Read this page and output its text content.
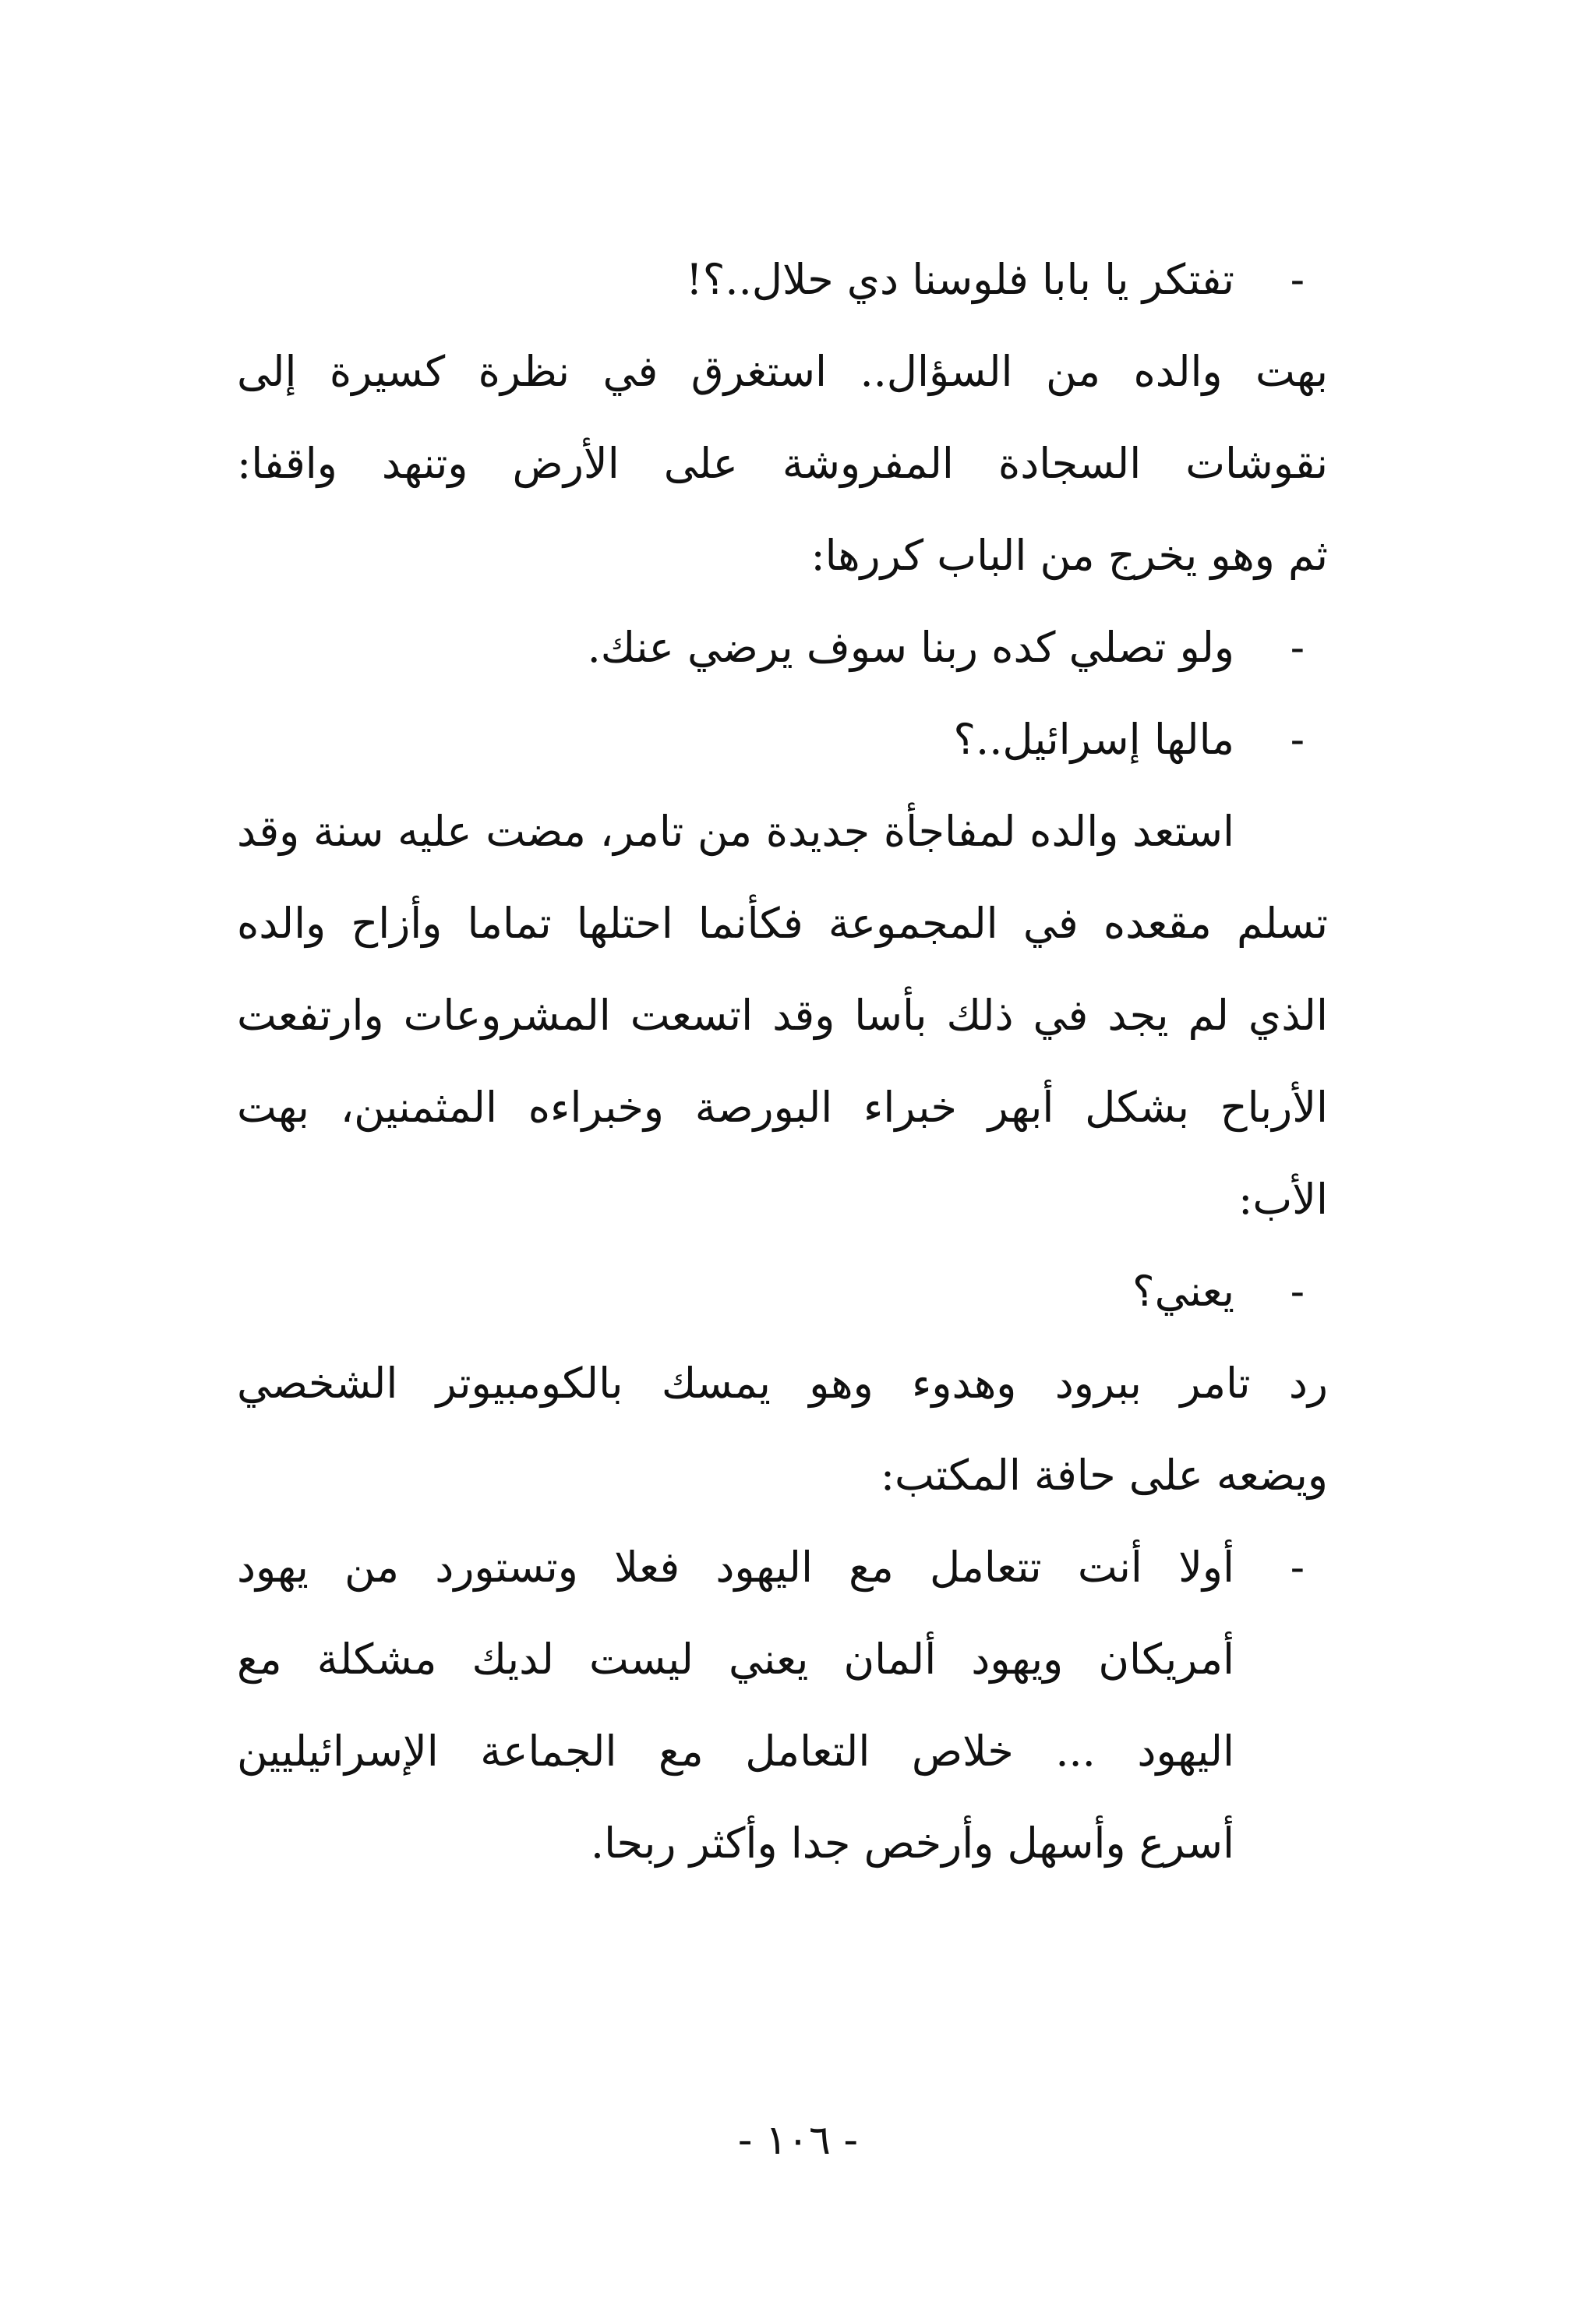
-
تفتكر يا بابا فلوسنا دي حلال..؟!

بهت والده من السؤال.. استغرق في نظرة كسيرة إلى

نقوشات السجادة المفروشة على الأرض وتنهد واقفا:

ثم وهو يخرج من الباب كررها:

-
ولو تصلي كده ربنا سوف يرضي عنك.

-
مالها إسرائيل..؟

استعد والده لمفاجأة جديدة من تامر، مضت عليه سنة وقد

تسلم مقعده في المجموعة فكأنما احتلها تماما وأزاح والده

الذي لم يجد في ذلك بأسا وقد اتسعت المشروعات وارتفعت

الأرباح بشكل أبهر خبراء البورصة وخبراءه المثمنين، بهت

الأب:

-
يعني؟

رد تامر ببرود وهدوء وهو يمسك بالكومبيوتر الشخصي

ويضعه على حافة المكتب:

-
أولا أنت تتعامل مع اليهود فعلا وتستورد من يهود
أمريكان ويهود ألمان يعني ليست لديك مشكلة مع
اليهود ... خلاص التعامل مع الجماعة الإسرائيليين
أسرع وأسهل وأرخص جدا وأكثر ربحا.
- ١٠٦ -
